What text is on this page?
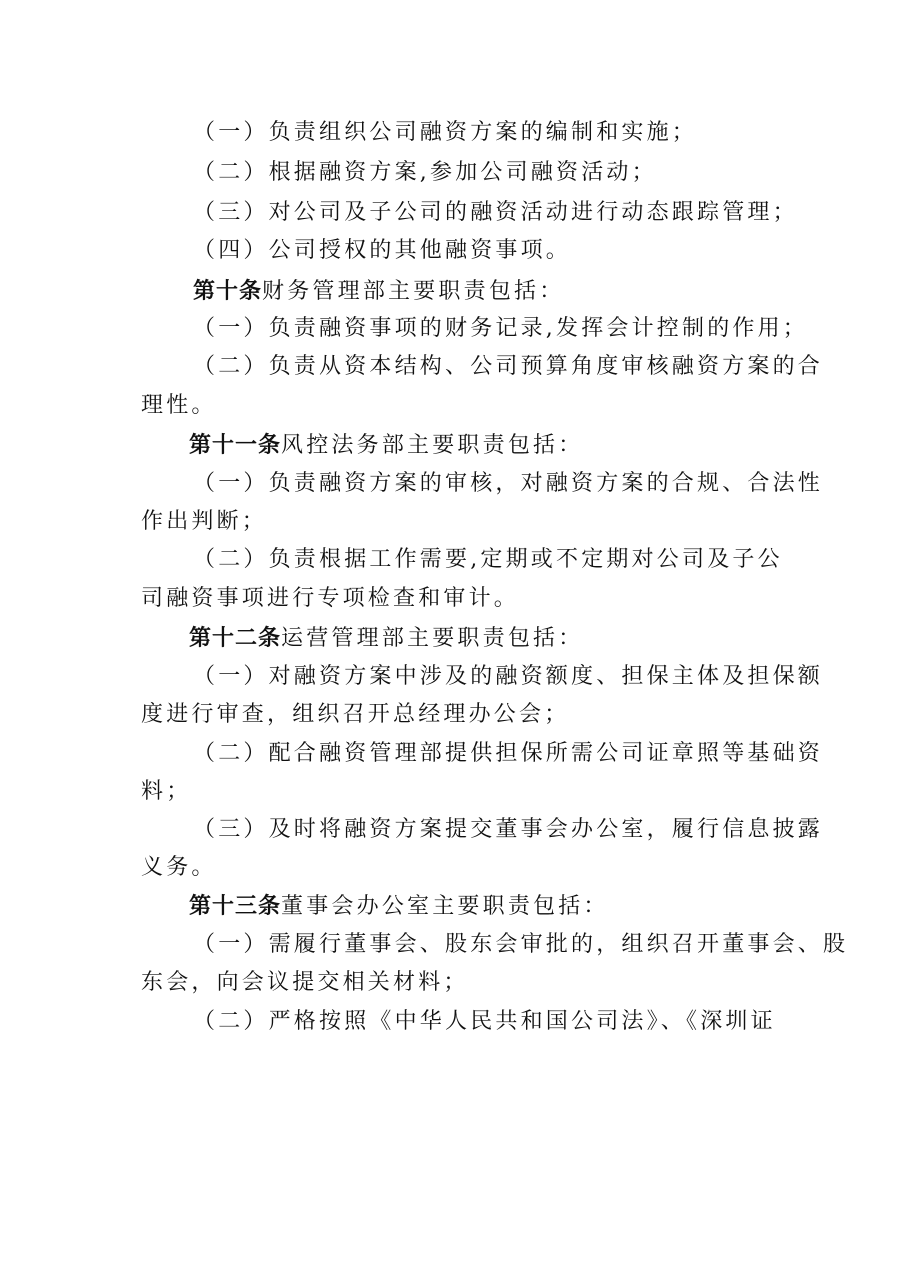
（一）负责组织公司融资方案的编制和实施；
（二）根据融资方案,参加公司融资活动；
（三）对公司及子公司的融资活动进行动态跟踪管理；
（四）公司授权的其他融资事项。
第十条财务管理部主要职责包括：
（一）负责融资事项的财务记录,发挥会计控制的作用；
（二）负责从资本结构、公司预算角度审核融资方案的合
理性。
第十一条风控法务部主要职责包括：
（一）负责融资方案的审核，对融资方案的合规、合法性
作出判断；
（二）负责根据工作需要,定期或不定期对公司及子公
司融资事项进行专项检查和审计。
第十二条运营管理部主要职责包括：
（一）对融资方案中涉及的融资额度、担保主体及担保额
度进行审查，组织召开总经理办公会；
（二）配合融资管理部提供担保所需公司证章照等基础资
料；
（三）及时将融资方案提交董事会办公室，履行信息披露
义务。
第十三条董事会办公室主要职责包括：
（一）需履行董事会、股东会审批的，组织召开董事会、股
东会，向会议提交相关材料；
（二）严格按照《中华人民共和国公司法》、《深圳证
